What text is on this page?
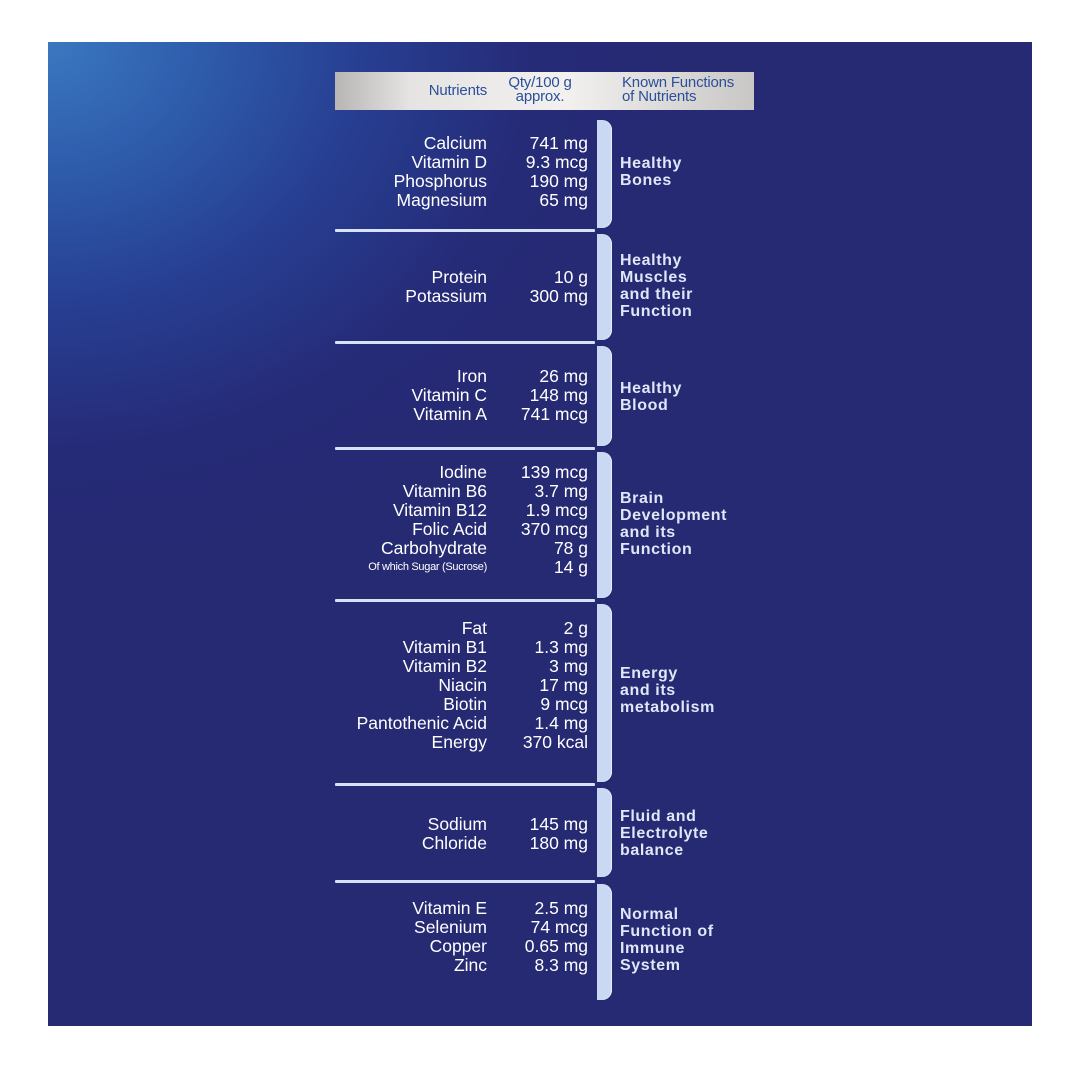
Nutrients	Qty/100 g
approx.
Known Functions
of Nutrients
Calcium
Vitamin D
Phosphorus
Magnesium
741 mg
9.3 mcg
190 mg
65 mg
Healthy
Bones
Protein
Potassium
10 g
300 mg
Healthy
Muscles
and their
Function
Iron
Vitamin C
Vitamin A
26 mg
148 mg
741 mcg
Healthy
Blood
Iodine
Vitamin B6
Vitamin B12
Folic Acid
Carbohydrate
Of which Sugar (Sucrose)
139 mcg
3.7 mg
1.9 mcg
370 mcg
78 g
14 g
Brain
Development
and its
Function
Fat
Vitamin B1
Vitamin B2
Niacin
Biotin
Pantothenic Acid
Energy
2 g
1.3 mg
3 mg
17 mg
9 mcg
1.4 mg
370 kcal
Energy
and its
metabolism
Sodium
Chloride
145 mg
180 mg
Fluid and
Electrolyte
balance
Vitamin E
Selenium
Copper
Zinc
2.5 mg
74 mcg
0.65 mg
8.3 mg
Normal
Function of
Immune
System
